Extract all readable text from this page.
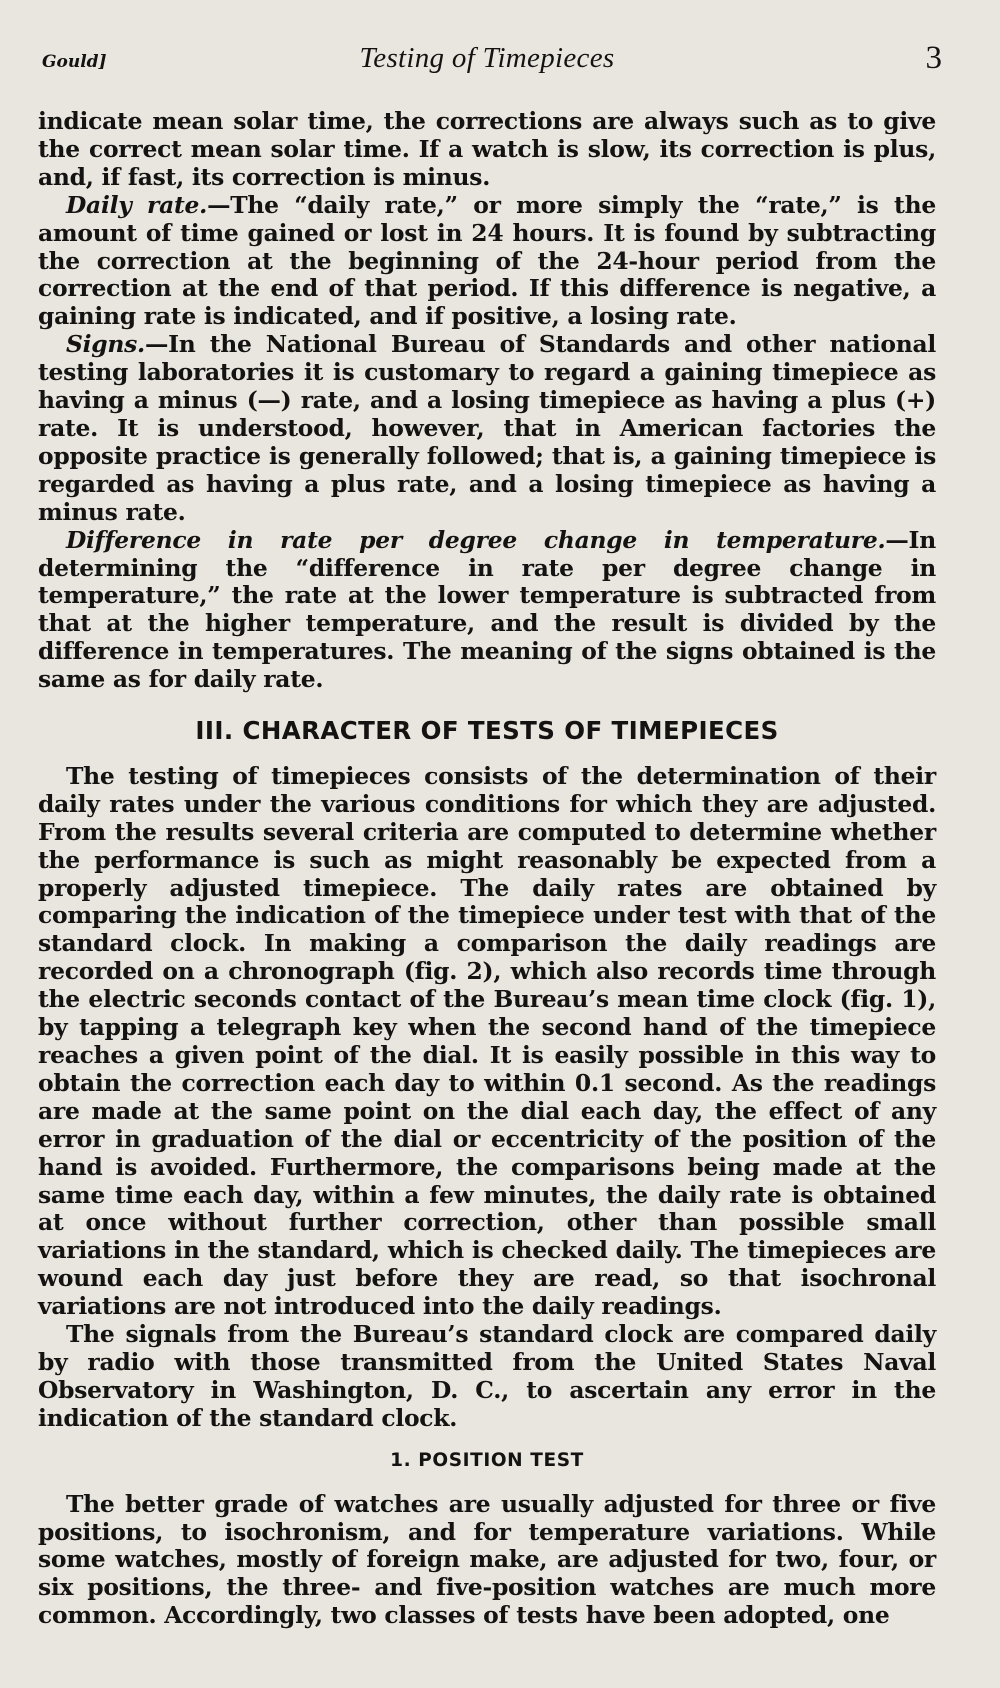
Gould]	Testing of Timepieces	3

indicate mean solar time, the corrections are always such as to give the correct mean solar time. If a watch is slow, its correction is plus, and, if fast, its correction is minus.

Daily rate.—The “daily rate,” or more simply the “rate,” is the amount of time gained or lost in 24 hours. It is found by subtracting the correction at the beginning of the 24-hour period from the correction at the end of that period. If this difference is negative, a gaining rate is indicated, and if positive, a losing rate.

Signs.—In the National Bureau of Standards and other national testing laboratories it is customary to regard a gaining timepiece as having a minus (—) rate, and a losing timepiece as having a plus (+) rate. It is understood, however, that in American factories the opposite practice is generally followed; that is, a gaining timepiece is regarded as having a plus rate, and a losing timepiece as having a minus rate.

Difference in rate per degree change in temperature.—In determining the “difference in rate per degree change in temperature,” the rate at the lower temperature is subtracted from that at the higher temperature, and the result is divided by the difference in temperatures. The meaning of the signs obtained is the same as for daily rate.

III. CHARACTER OF TESTS OF TIMEPIECES

The testing of timepieces consists of the determination of their daily rates under the various conditions for which they are adjusted. From the results several criteria are computed to determine whether the performance is such as might reasonably be expected from a properly adjusted timepiece. The daily rates are obtained by comparing the indication of the timepiece under test with that of the standard clock. In making a comparison the daily readings are recorded on a chronograph (fig. 2), which also records time through the electric seconds contact of the Bureau’s mean time clock (fig. 1), by tapping a telegraph key when the second hand of the timepiece reaches a given point of the dial. It is easily possible in this way to obtain the correction each day to within 0.1 second. As the readings are made at the same point on the dial each day, the effect of any error in graduation of the dial or eccentricity of the position of the hand is avoided. Furthermore, the comparisons being made at the same time each day, within a few minutes, the daily rate is obtained at once without further correction, other than possible small variations in the standard, which is checked daily. The timepieces are wound each day just before they are read, so that isochronal variations are not introduced into the daily readings.

The signals from the Bureau’s standard clock are compared daily by radio with those transmitted from the United States Naval Observatory in Washington, D. C., to ascertain any error in the indication of the standard clock.

1. POSITION TEST

The better grade of watches are usually adjusted for three or five positions, to isochronism, and for temperature variations. While some watches, mostly of foreign make, are adjusted for two, four, or six positions, the three- and five-position watches are much more common. Accordingly, two classes of tests have been adopted, one
